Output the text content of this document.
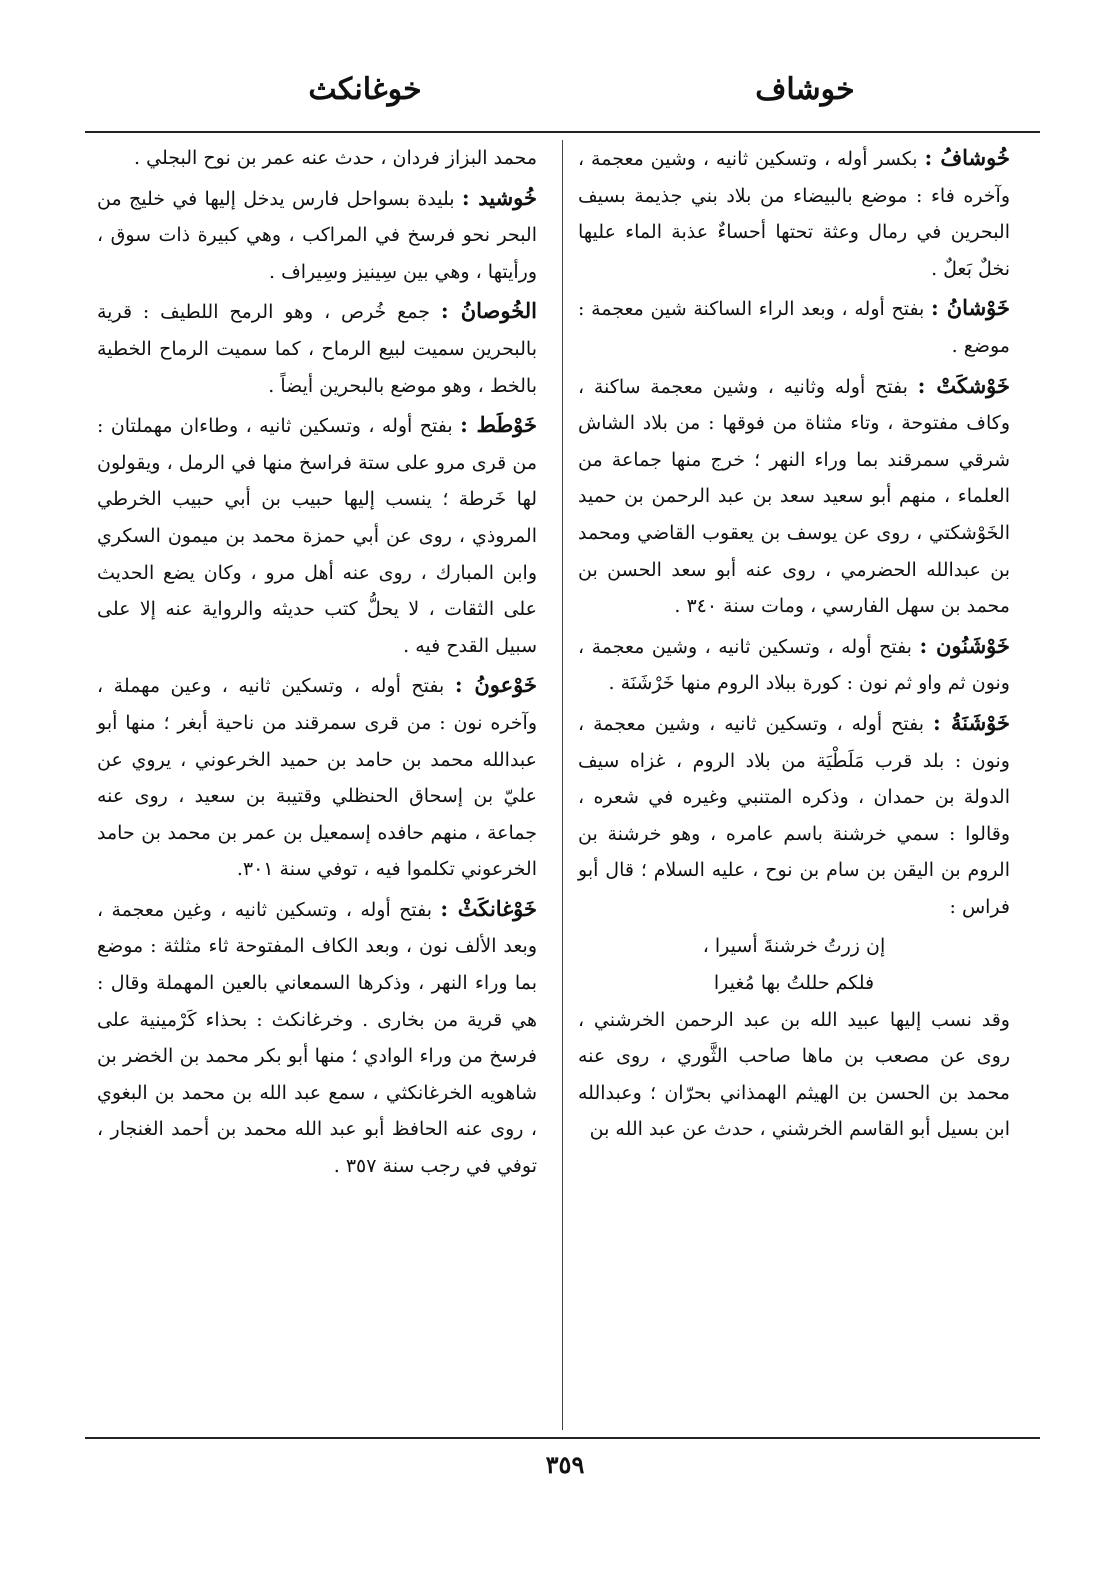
خوشاف
خوغانكث

خُوشافُ : بكسر أوله ، وتسكين ثانيه ، وشين معجمة ، وآخره فاء : موضع بالبيضاء من بلاد بني جذيمة بسيف البحرين في رمال وعثة تحتها أحساءٌ عذبة الماء عليها نخلٌ بَعلٌ .

خَوْشانُ : بفتح أوله ، وبعد الراء الساكنة شين معجمة : موضع .

خَوْشكَتْ : بفتح أوله وثانيه ، وشين معجمة ساكنة ، وكاف مفتوحة ، وتاء مثناة من فوقها : من بلاد الشاش شرقي سمرقند بما وراء النهر ؛ خرج منها جماعة من العلماء ، منهم أبو سعيد سعد بن عبد الرحمن بن حميد الخَوْشكتي ، روى عن يوسف بن يعقوب القاضي ومحمد بن عبدالله الحضرمي ، روى عنه أبو سعد الحسن بن محمد بن سهل الفارسي ، ومات سنة ٣٤٠ .

خَوْشَنُون : بفتح أوله ، وتسكين ثانيه ، وشين معجمة ، ونون ثم واو ثم نون : كورة ببلاد الروم منها خَرْشَنَة .

خَوْشَنَةُ : بفتح أوله ، وتسكين ثانيه ، وشين معجمة ، ونون : بلد قرب مَلَطْيَة من بلاد الروم ، غزاه سيف الدولة بن حمدان ، وذكره المتنبي وغيره في شعره ، وقالوا : سمي خرشنة باسم عامره ، وهو خرشنة بن الروم بن اليقن بن سام بن نوح ، عليه السلام ؛ قال أبو فراس :

إن زرتُ خرشنةَ أسيرا ،

فلكم حللتُ بها مُغيرا

وقد نسب إليها عبيد الله بن عبد الرحمن الخرشني ، روى عن مصعب بن ماها صاحب الثَّوري ، روى عنه محمد بن الحسن بن الهيثم الهمذاني بحرّان ؛ وعبدالله ابن بسيل أبو القاسم الخرشني ، حدث عن عبد الله بن

محمد البزاز فردان ، حدث عنه عمر بن نوح البجلي .

خُوشيد : بليدة بسواحل فارس يدخل إليها في خليج من البحر نحو فرسخ في المراكب ، وهي كبيرة ذات سوق ، ورأيتها ، وهي بين سِينيز وسِيراف .

الخُوصانُ : جمع خُرص ، وهو الرمح اللطيف : قرية بالبحرين سميت لبيع الرماح ، كما سميت الرماح الخطية بالخط ، وهو موضع بالبحرين أيضاً .

خَوْطَط : بفتح أوله ، وتسكين ثانيه ، وطاءان مهملتان : من قرى مرو على ستة فراسخ منها في الرمل ، ويقولون لها خَرطة ؛ ينسب إليها حبيب بن أبي حبيب الخرطي المروذي ، روى عن أبي حمزة محمد بن ميمون السكري وابن المبارك ، روى عنه أهل مرو ، وكان يضع الحديث على الثقات ، لا يحلُّ كتب حديثه والرواية عنه إلا على سبيل القدح فيه .

خَوْعونُ : بفتح أوله ، وتسكين ثانيه ، وعين مهملة ، وآخره نون : من قرى سمرقند من ناحية أبغر ؛ منها أبو عبدالله محمد بن حامد بن حميد الخرعوني ، يروي عن عليّ بن إسحاق الحنظلي وقتيبة بن سعيد ، روى عنه جماعة ، منهم حافده إسمعيل بن عمر بن محمد بن حامد الخرعوني تكلموا فيه ، توفي سنة ٣٠١.

خَوْغانكَثْ : بفتح أوله ، وتسكين ثانيه ، وغين معجمة ، وبعد الألف نون ، وبعد الكاف المفتوحة ثاء مثلثة : موضع بما وراء النهر ، وذكرها السمعاني بالعين المهملة وقال : هي قرية من بخارى . وخرغانكث : بحذاء كَرْمينية على فرسخ من وراء الوادي ؛ منها أبو بكر محمد بن الخضر بن شاهويه الخرغانكثي ، سمع عبد الله بن محمد بن البغوي ، روى عنه الحافظ أبو عبد الله محمد بن أحمد الغنجار ، توفي في رجب سنة ٣٥٧ .

٣٥٩
